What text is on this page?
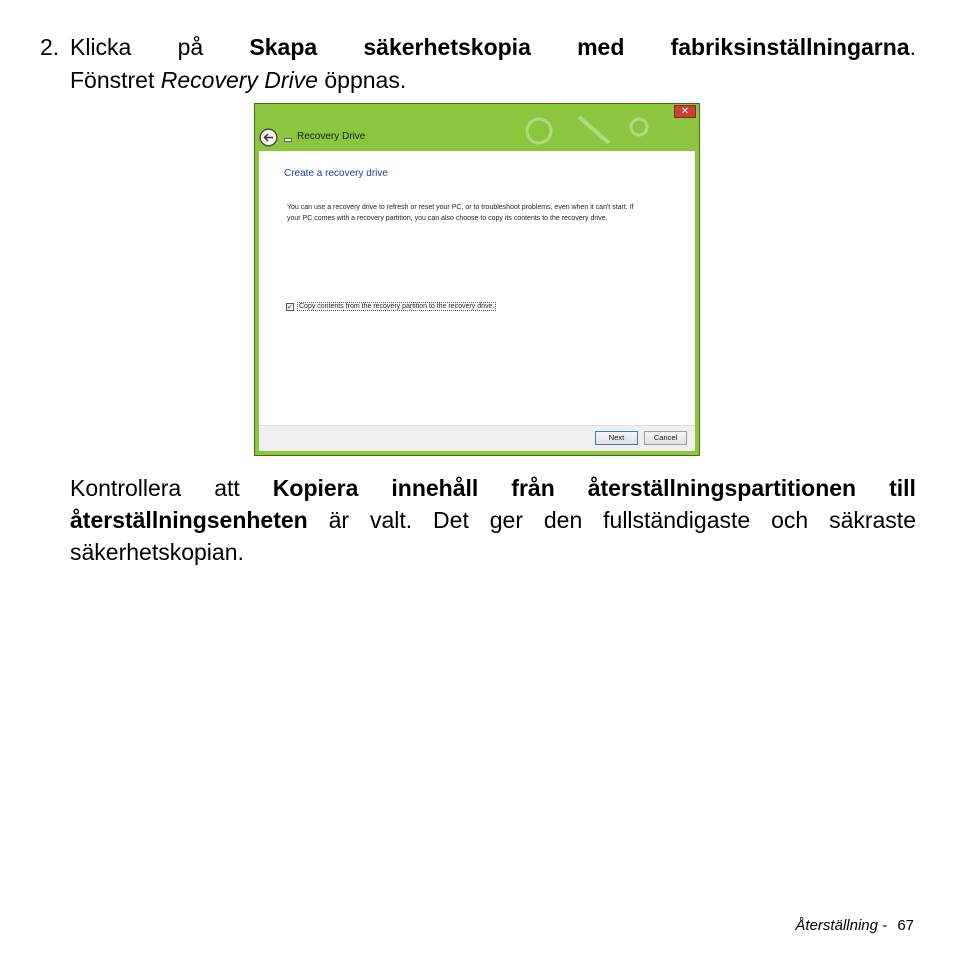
2. Klicka på Skapa säkerhetskopia med fabriksinställningarna.
Fönstret Recovery Drive öppnas.
✕
Recovery Drive
Create a recovery drive
You can use a recovery drive to refresh or reset your PC, or to troubleshoot problems, even when it can't start. If your PC comes with a recovery partition, you can also choose to copy its contents to the recovery drive.
✓ Copy contents from the recovery partition to the recovery drive.
Next	Cancel
Kontrollera att Kopiera innehåll från återställningspartitionen till
återställningsenheten är valt. Det ger den fullständigaste och säkraste
säkerhetskopian.
Återställning - 67
